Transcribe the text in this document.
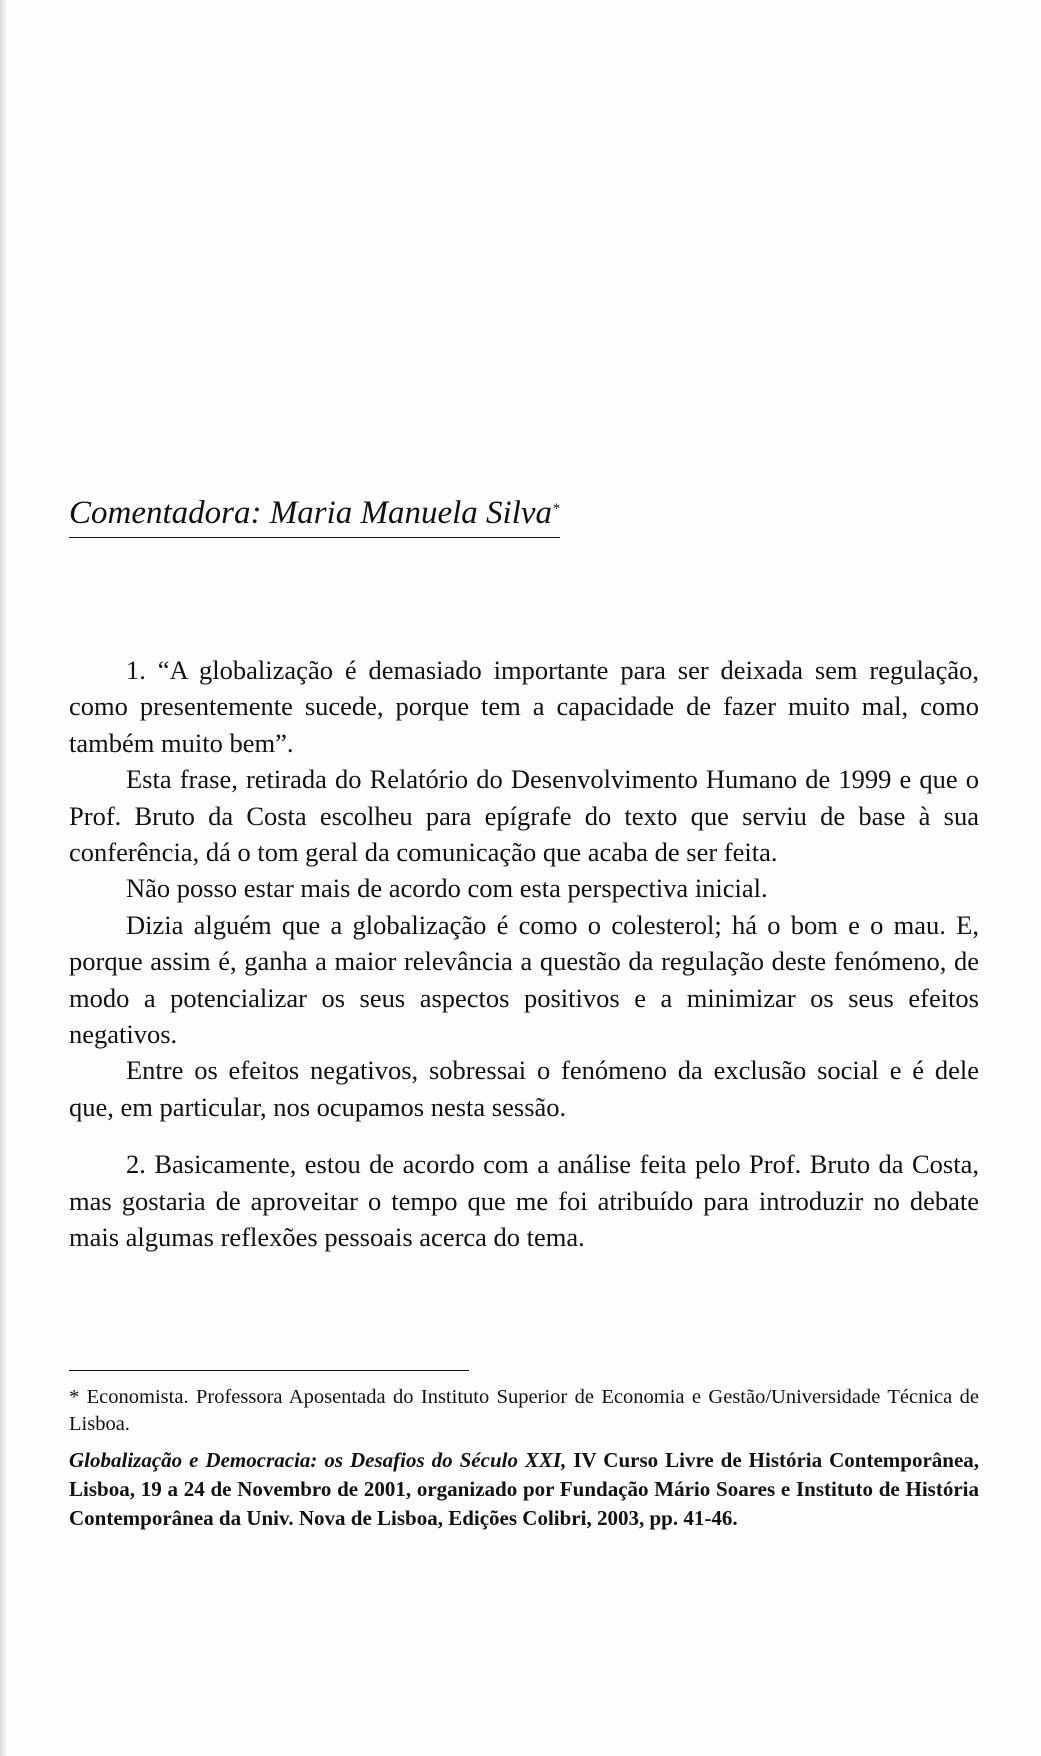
Comentadora: Maria Manuela Silva*

1. “A globalização é demasiado importante para ser deixada sem regulação, como presentemente sucede, porque tem a capacidade de fazer muito mal, como também muito bem”.

Esta frase, retirada do Relatório do Desenvolvimento Humano de 1999 e que o Prof. Bruto da Costa escolheu para epígrafe do texto que serviu de base à sua conferência, dá o tom geral da comunicação que acaba de ser feita.

Não posso estar mais de acordo com esta perspectiva inicial.

Dizia alguém que a globalização é como o colesterol; há o bom e o mau. E, porque assim é, ganha a maior relevância a questão da regulação deste fenómeno, de modo a potencializar os seus aspectos positivos e a minimizar os seus efeitos negativos.

Entre os efeitos negativos, sobressai o fenómeno da exclusão social e é dele que, em particular, nos ocupamos nesta sessão.

2. Basicamente, estou de acordo com a análise feita pelo Prof. Bruto da Costa, mas gostaria de aproveitar o tempo que me foi atribuído para introduzir no debate mais algumas reflexões pessoais acerca do tema.

* Economista. Professora Aposentada do Instituto Superior de Economia e Gestão/Universidade Técnica de Lisboa.

Globalização e Democracia: os Desafios do Século XXI, IV Curso Livre de História Contemporânea, Lisboa, 19 a 24 de Novembro de 2001, organizado por Fundação Mário Soares e Instituto de História Contemporânea da Univ. Nova de Lisboa, Edições Colibri, 2003, pp. 41-46.
